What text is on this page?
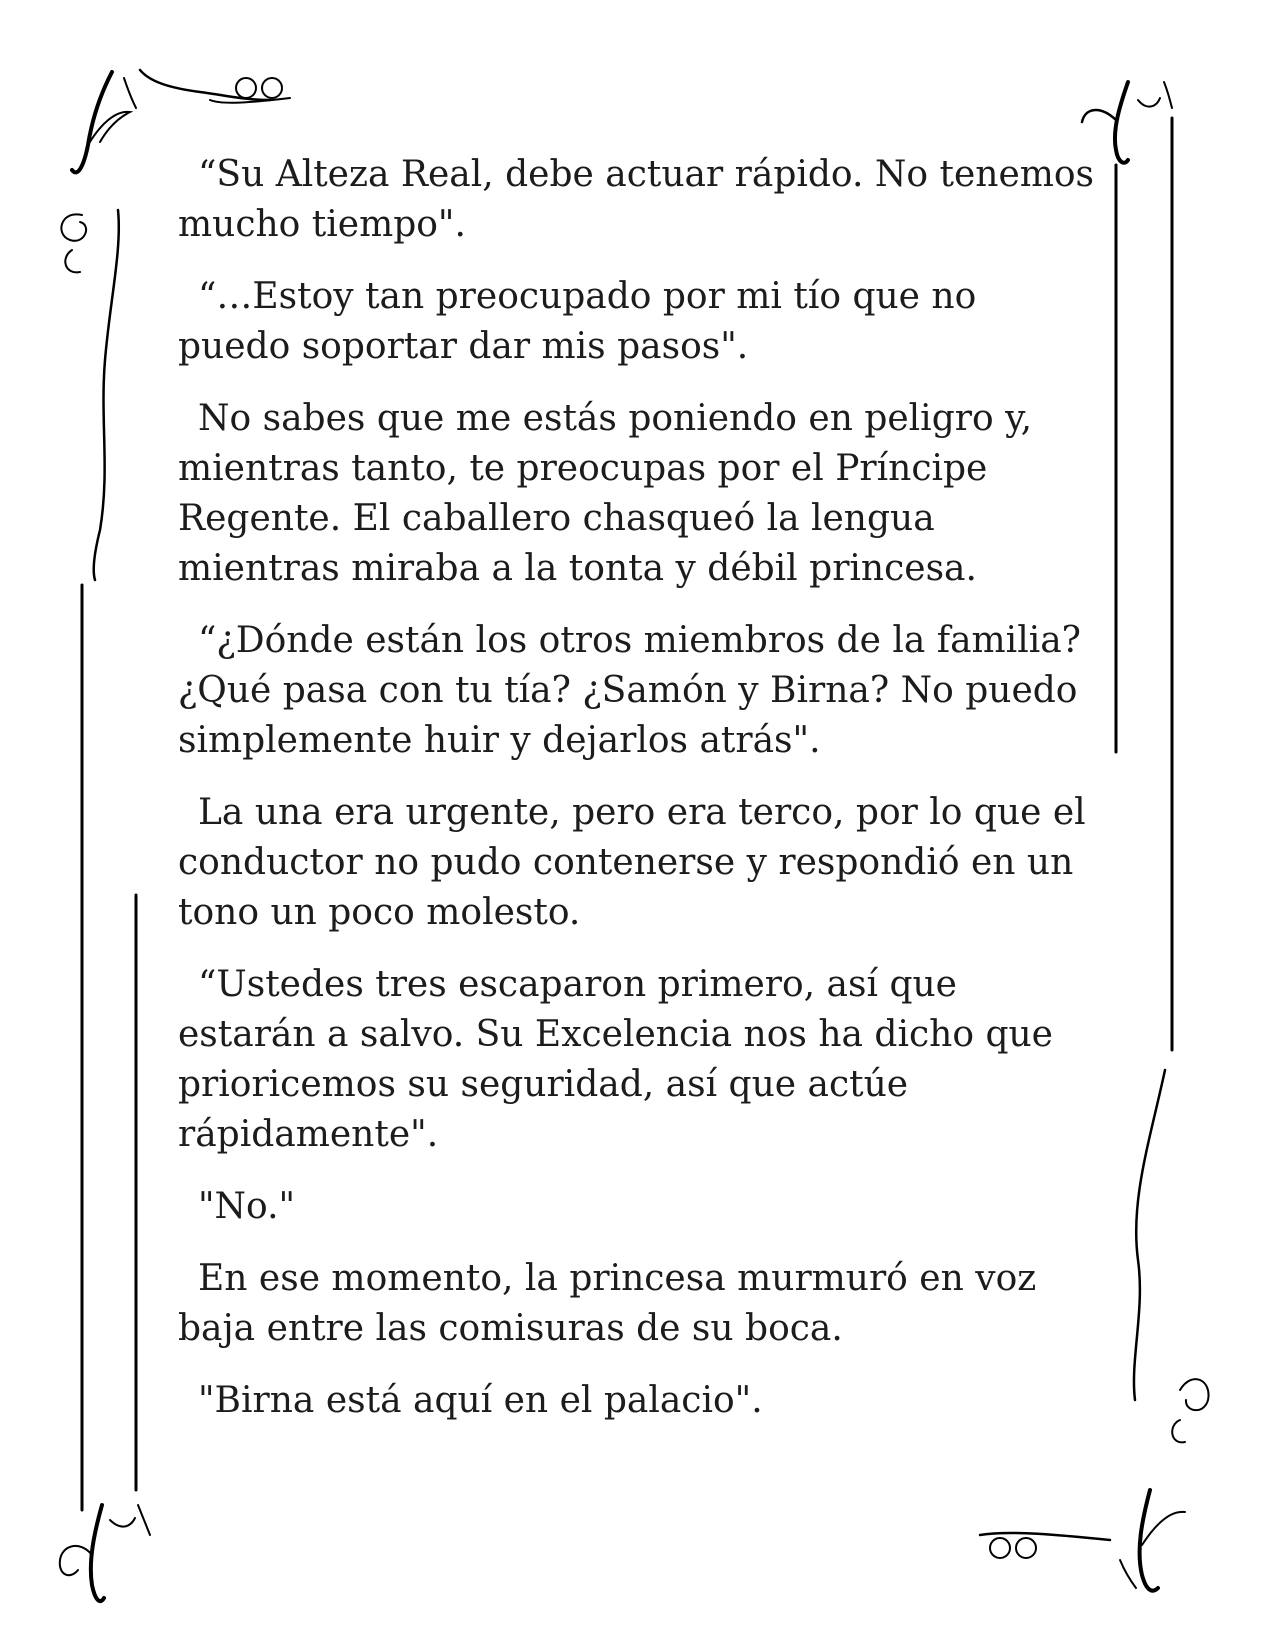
“Su Alteza Real, debe actuar rápido. No tenemos mucho tiempo".

“…Estoy tan preocupado por mi tío que no puedo soportar dar mis pasos".

No sabes que me estás poniendo en peligro y, mientras tanto, te preocupas por el Príncipe Regente. El caballero chasqueó la lengua mientras miraba a la tonta y débil princesa.

“¿Dónde están los otros miembros de la familia? ¿Qué pasa con tu tía? ¿Samón y Birna? No puedo simplemente huir y dejarlos atrás".

La una era urgente, pero era terco, por lo que el conductor no pudo contenerse y respondió en un tono un poco molesto.

“Ustedes tres escaparon primero, así que estarán a salvo. Su Excelencia nos ha dicho que prioricemos su seguridad, así que actúe rápidamente".

"No."

En ese momento, la princesa murmuró en voz baja entre las comisuras de su boca.

"Birna está aquí en el palacio".
